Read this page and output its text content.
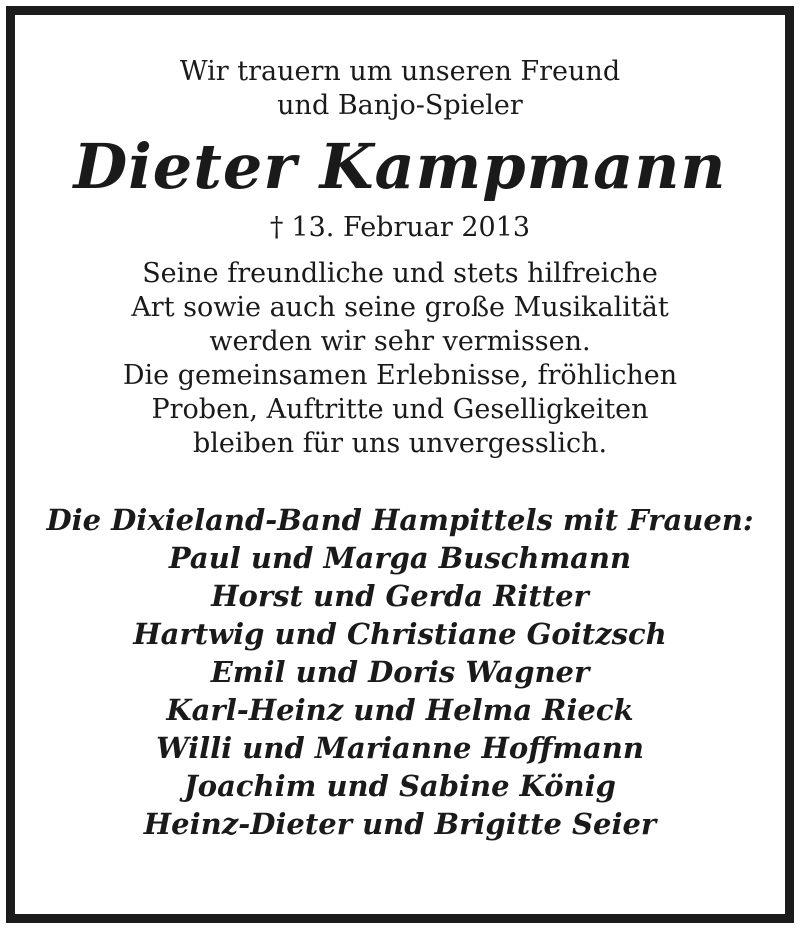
Wir trauern um unseren Freund

und Banjo-Spieler

Dieter Kampmann

† 13. Februar 2013

Seine freundliche und stets hilfreiche

Art sowie auch seine große Musikalität

werden wir sehr vermissen.

Die gemeinsamen Erlebnisse, fröhlichen

Proben, Auftritte und Geselligkeiten

bleiben für uns unvergesslich.

Die Dixieland-Band Hampittels mit Frauen:

Paul und Marga Buschmann

Horst und Gerda Ritter

Hartwig und Christiane Goitzsch

Emil und Doris Wagner

Karl-Heinz und Helma Rieck

Willi und Marianne Hoffmann

Joachim und Sabine König

Heinz-Dieter und Brigitte Seier
